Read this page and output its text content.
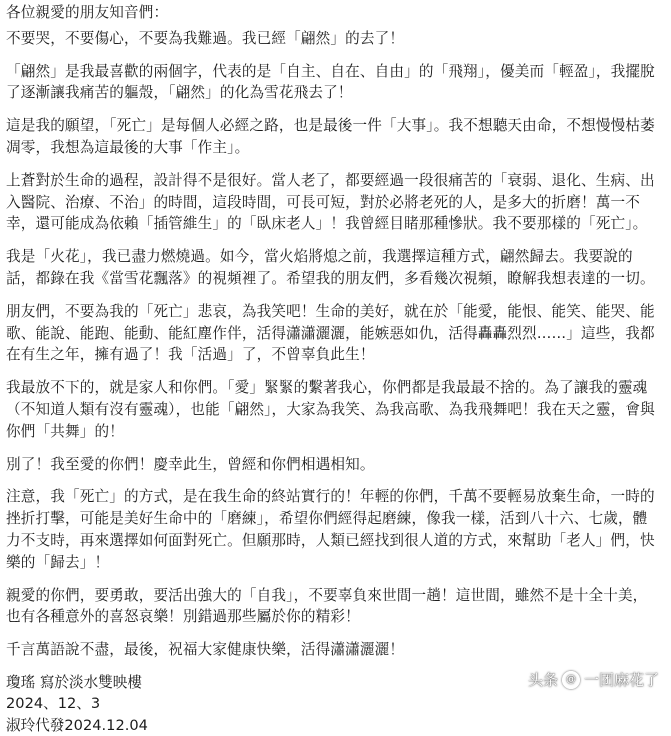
各位親愛的朋友知音們：

不要哭，不要傷心，不要為我難過。我已經「翩然」的去了！

「翩然」是我最喜歡的兩個字，代表的是「自主、自在、自由」的「飛翔」，優美而「輕盈」，我擺脫了逐漸讓我痛苦的軀殼，「翩然」的化為雪花飛去了！

這是我的願望，「死亡」是每個人必經之路，也是最後一件「大事」。我不想聽天由命，不想慢慢枯萎凋零，我想為這最後的大事「作主」。

上蒼對於生命的過程，設計得不是很好。當人老了，都要經過一段很痛苦的「衰弱、退化、生病、出入醫院、治療、不治」的時間，這段時間，可長可短，對於必將老死的人，是多大的折磨！萬一不幸，還可能成為依賴「插管維生」的「臥床老人」！我曾經目睹那種慘狀。我不要那樣的「死亡」。

我是「火花」，我已盡力燃燒過。如今，當火焰將熄之前，我選擇這種方式，翩然歸去。我要說的話，都錄在我《當雪花飄落》的視頻裡了。希望我的朋友們，多看幾次視頻，瞭解我想表達的一切。

朋友們，不要為我的「死亡」悲哀，為我笑吧！生命的美好，就在於「能愛，能恨、能笑、能哭、能歌、能說、能跑、能動、能紅塵作伴，活得瀟瀟灑灑，能嫉惡如仇，活得轟轟烈烈……」這些，我都在有生之年，擁有過了！我「活過」了，不曾辜負此生！

我最放不下的，就是家人和你們。「愛」緊緊的繫著我心，你們都是我最最不捨的。為了讓我的靈魂（不知道人類有沒有靈魂），也能「翩然」，大家為我笑、為我高歌、為我飛舞吧！我在天之靈，會與你們「共舞」的！

別了！我至愛的你們！慶幸此生，曾經和你們相遇相知。

注意，我「死亡」的方式，是在我生命的終站實行的！年輕的你們，千萬不要輕易放棄生命，一時的挫折打擊，可能是美好生命中的「磨練」，希望你們經得起磨練，像我一樣，活到八十六、七歲，體力不支時，再來選擇如何面對死亡。但願那時，人類已經找到很人道的方式，來幫助「老人」們，快樂的「歸去」！

親愛的你們，要勇敢，要活出強大的「自我」，不要辜負來世間一趟！這世間，雖然不是十全十美，也有各種意外的喜怒哀樂！別錯過那些屬於你的精彩！

千言萬語說不盡，最後，祝福大家健康快樂，活得瀟瀟灑灑！

瓊瑤 寫於淡水雙映樓

2024、12、3

淑玲代發2024.12.04

头条 @ 一团麻花了
